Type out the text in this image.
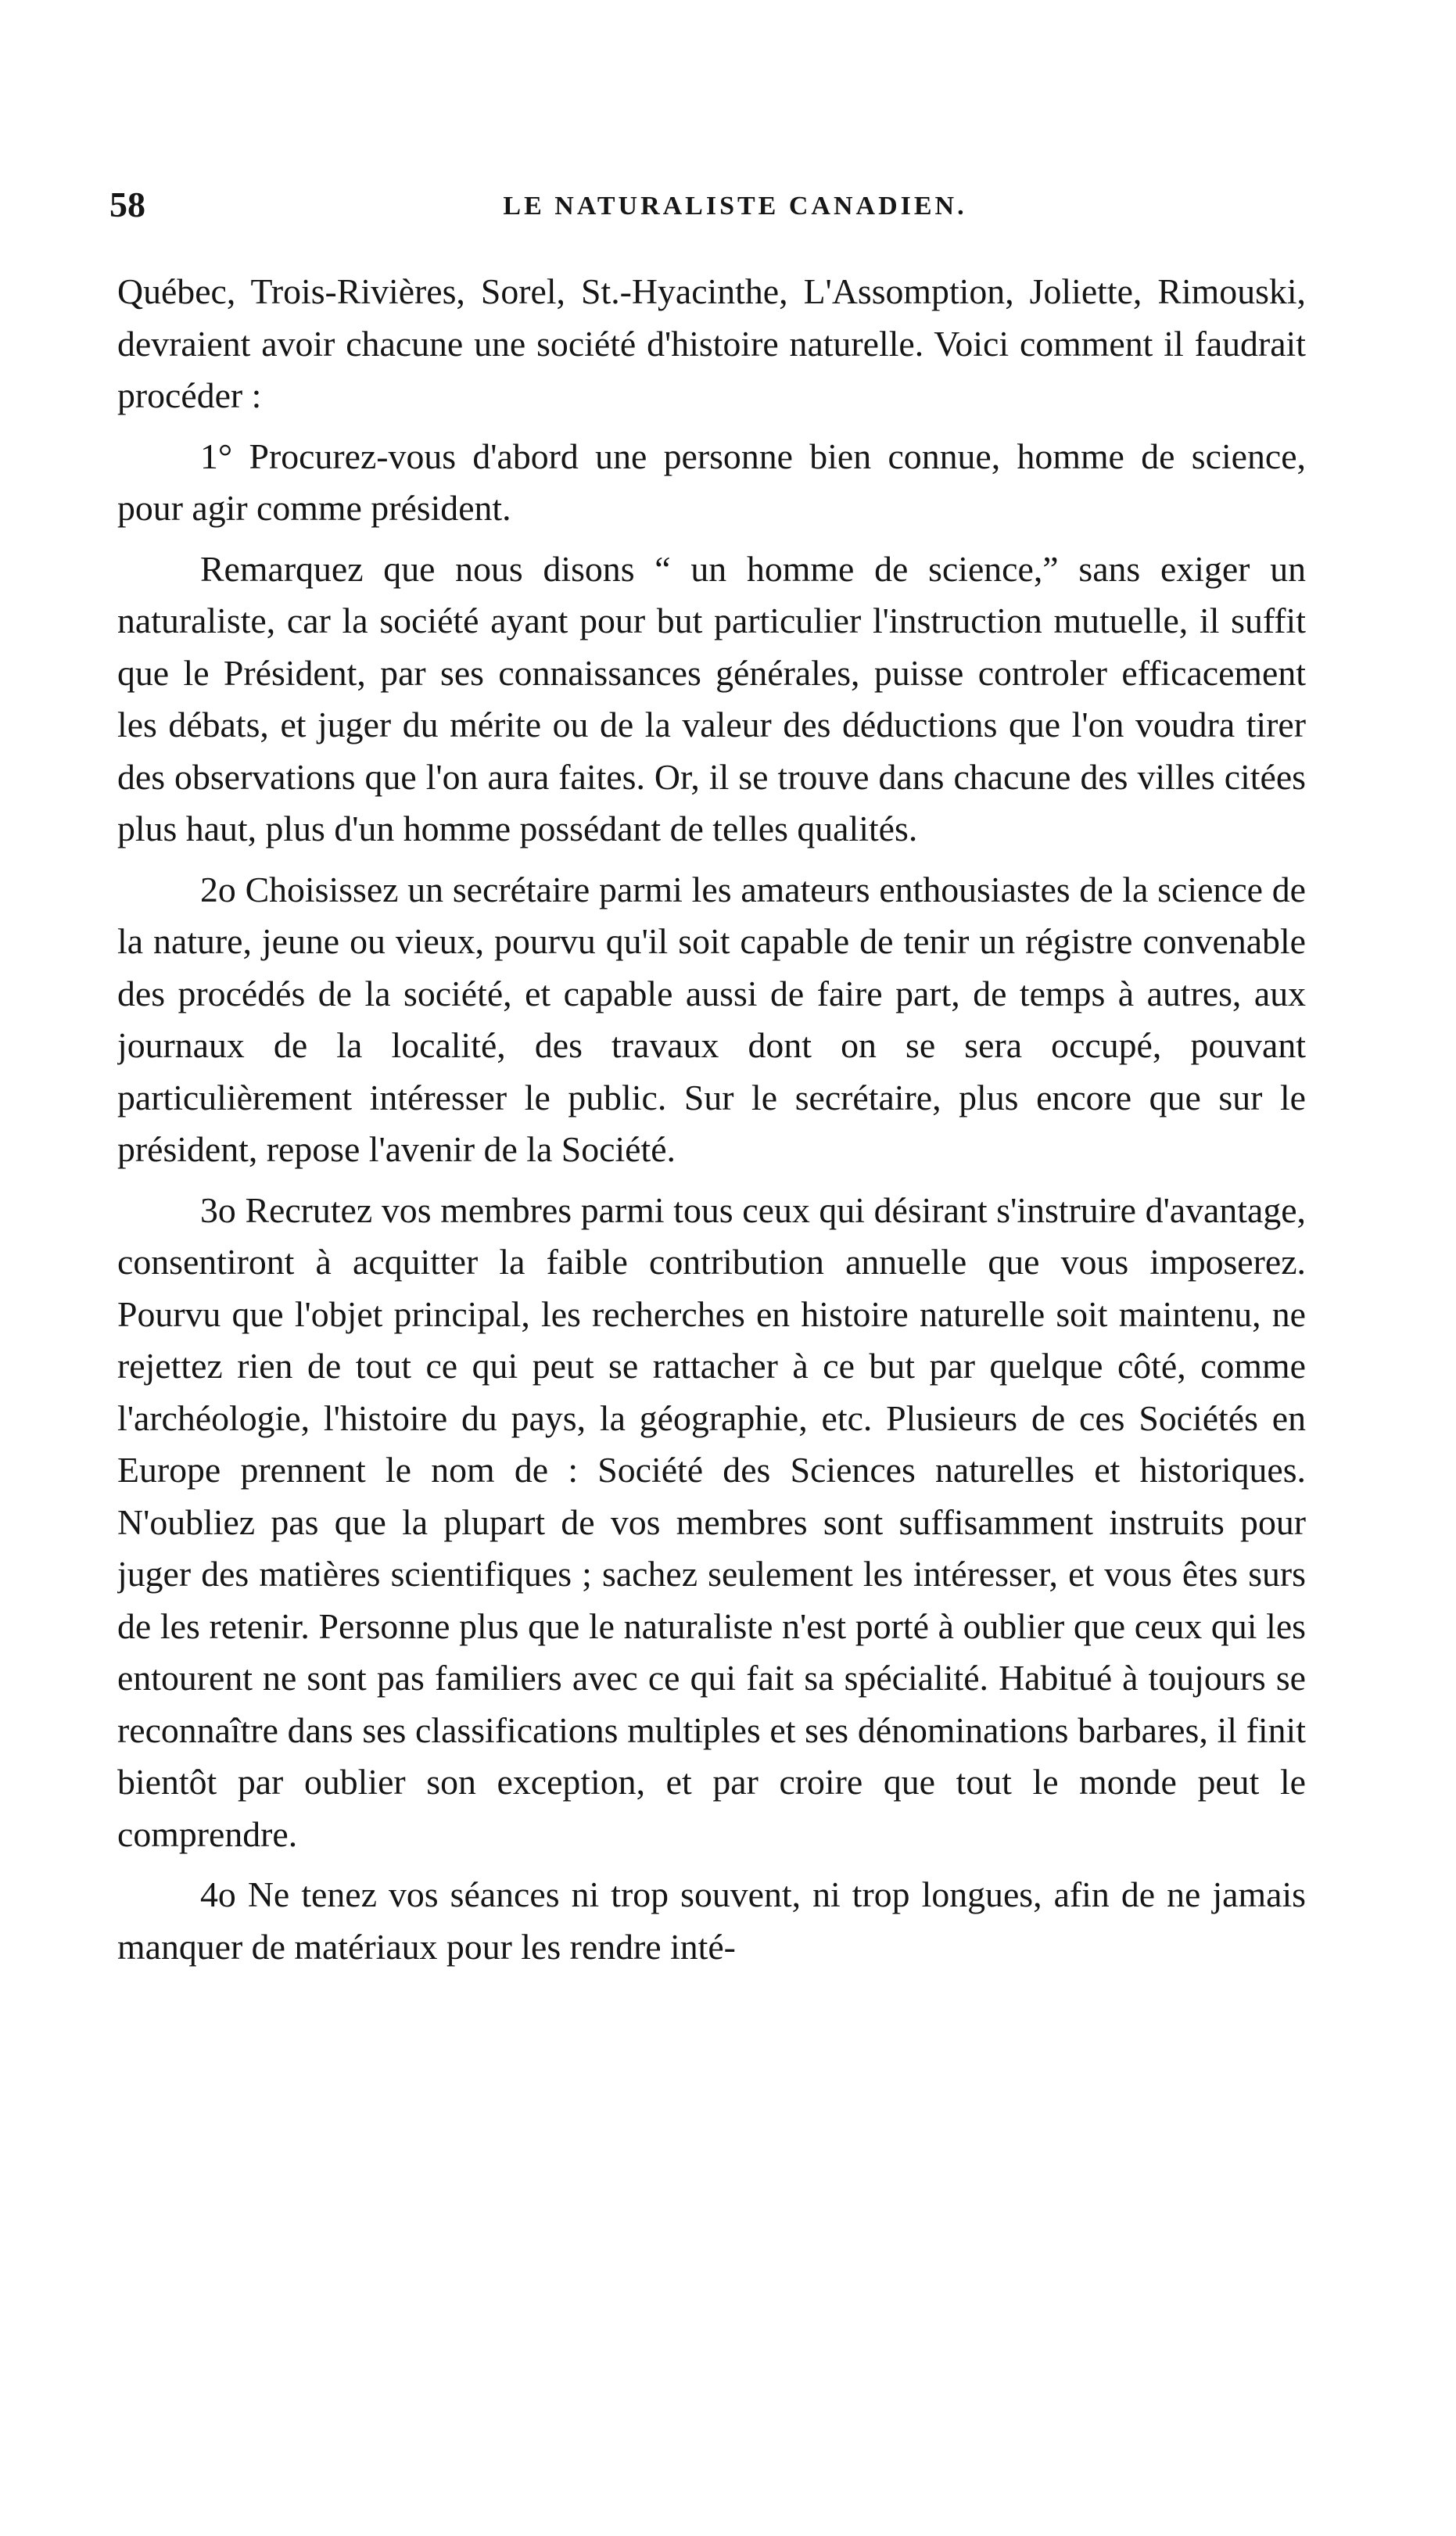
58	LE NATURALISTE CANADIEN.

Québec, Trois-Rivières, Sorel, St.-Hyacinthe, L'Assomption, Joliette, Rimouski, devraient avoir chacune une société d'histoire naturelle. Voici comment il faudrait procéder :

1° Procurez-vous d'abord une personne bien connue, homme de science, pour agir comme président.

Remarquez que nous disons “ un homme de science,” sans exiger un naturaliste, car la société ayant pour but particulier l'instruction mutuelle, il suffit que le Président, par ses connaissances générales, puisse controler efficacement les débats, et juger du mérite ou de la valeur des déductions que l'on voudra tirer des observations que l'on aura faites. Or, il se trouve dans chacune des villes citées plus haut, plus d'un homme possédant de telles qualités.

2o Choisissez un secrétaire parmi les amateurs enthousiastes de la science de la nature, jeune ou vieux, pourvu qu'il soit capable de tenir un régistre convenable des procédés de la société, et capable aussi de faire part, de temps à autres, aux journaux de la localité, des travaux dont on se sera occupé, pouvant particulièrement intéresser le public. Sur le secrétaire, plus encore que sur le président, repose l'avenir de la Société.

3o Recrutez vos membres parmi tous ceux qui désirant s'instruire d'avantage, consentiront à acquitter la faible contribution annuelle que vous imposerez. Pourvu que l'objet principal, les recherches en histoire naturelle soit maintenu, ne rejettez rien de tout ce qui peut se rattacher à ce but par quelque côté, comme l'archéologie, l'histoire du pays, la géographie, etc. Plusieurs de ces Sociétés en Europe prennent le nom de : Société des Sciences naturelles et historiques. N'oubliez pas que la plupart de vos membres sont suffisamment instruits pour juger des matières scientifiques ; sachez seulement les intéresser, et vous êtes surs de les retenir. Personne plus que le naturaliste n'est porté à oublier que ceux qui les entourent ne sont pas familiers avec ce qui fait sa spécialité. Habitué à toujours se reconnaître dans ses classifications multiples et ses dénominations barbares, il finit bientôt par oublier son exception, et par croire que tout le monde peut le comprendre.

4o Ne tenez vos séances ni trop souvent, ni trop longues, afin de ne jamais manquer de matériaux pour les rendre inté-
